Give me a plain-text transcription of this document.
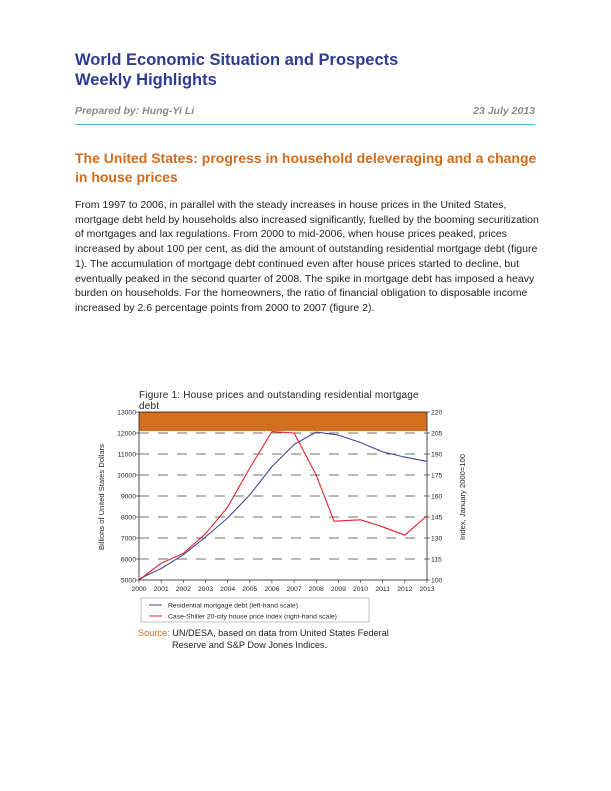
World Economic Situation and Prospects
Weekly Highlights
Prepared by: Hung-Yi Li	23 July 2013
The United States: progress in household deleveraging and a change in house prices

From 1997 to 2006, in parallel with the steady increases in house prices in the United States, mortgage debt held by households also increased significantly, fuelled by the booming securitization of mortgages and lax regulations. From 2000 to mid-2006, when house prices peaked, prices increased by about 100 per cent, as did the amount of outstanding residential mortgage debt (figure 1). The accumulation of mortgage debt continued even after house prices started to decline, but eventually peaked in the second quarter of 2008. The spike in mortgage debt has imposed a heavy burden on households. For the homeowners, the ratio of financial obligation to disposable income increased by 2.6 percentage points from 2000 to 2007 (figure 2).

Figure 1: House prices and outstanding residential mortgage debt
5000
6000
7000
8000
9000
10000
11000
12000
13000
100
115
130
145
160
175
190
205
220
2000 2001 2002 2003 2004 2005 2006 2007 2008 2009 2010 2011 2012 2013
Billions of United States Dollars	Index, January 2000=100
Residential mortgage debt (left-hand scale)
Case-Shiller 20-city house price index (right-hand scale)
Source: UN/DESA, based on data from United States Federal
Reserve and S&P Dow Jones Indices.
